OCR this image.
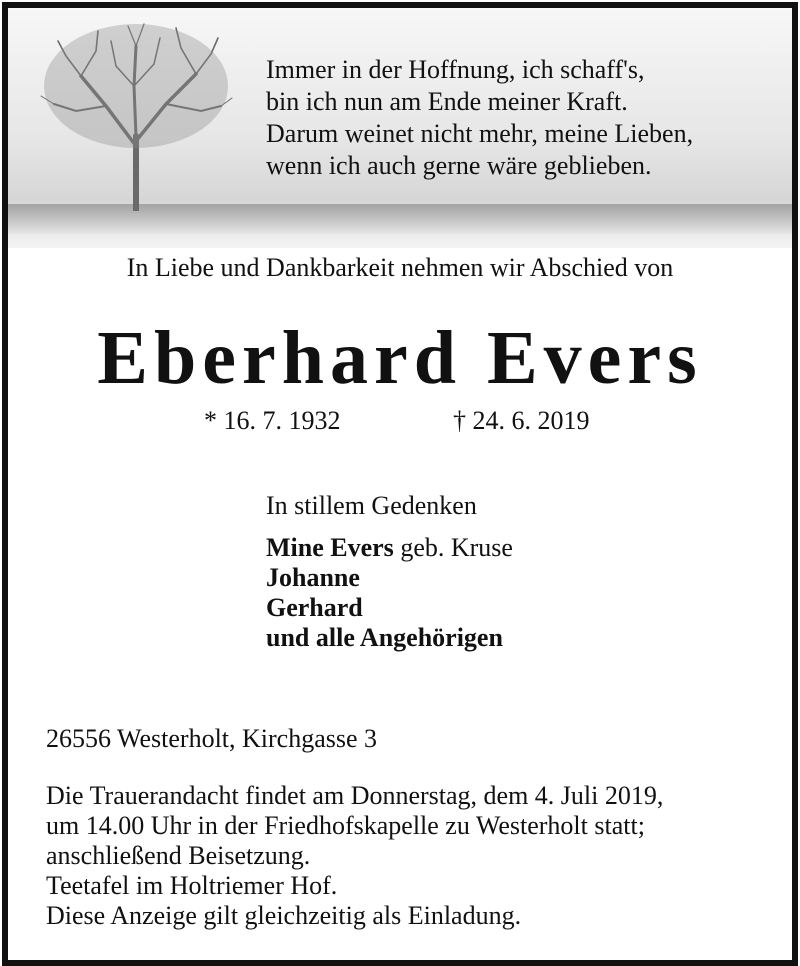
Immer in der Hoffnung, ich schaff's,
bin ich nun am Ende meiner Kraft.
Darum weinet nicht mehr, meine Lieben,
wenn ich auch gerne wäre geblieben.
In Liebe und Dankbarkeit nehmen wir Abschied von
Eberhard Evers
* 16. 7. 1932	† 24. 6. 2019
In stillem Gedenken
Mine Evers geb. Kruse
Johanne
Gerhard
und alle Angehörigen
26556 Westerholt, Kirchgasse 3
Die Trauerandacht findet am Donnerstag, dem 4. Juli 2019,
um 14.00 Uhr in der Friedhofskapelle zu Westerholt statt;
anschließend Beisetzung.
Teetafel im Holtriemer Hof.
Diese Anzeige gilt gleichzeitig als Einladung.
